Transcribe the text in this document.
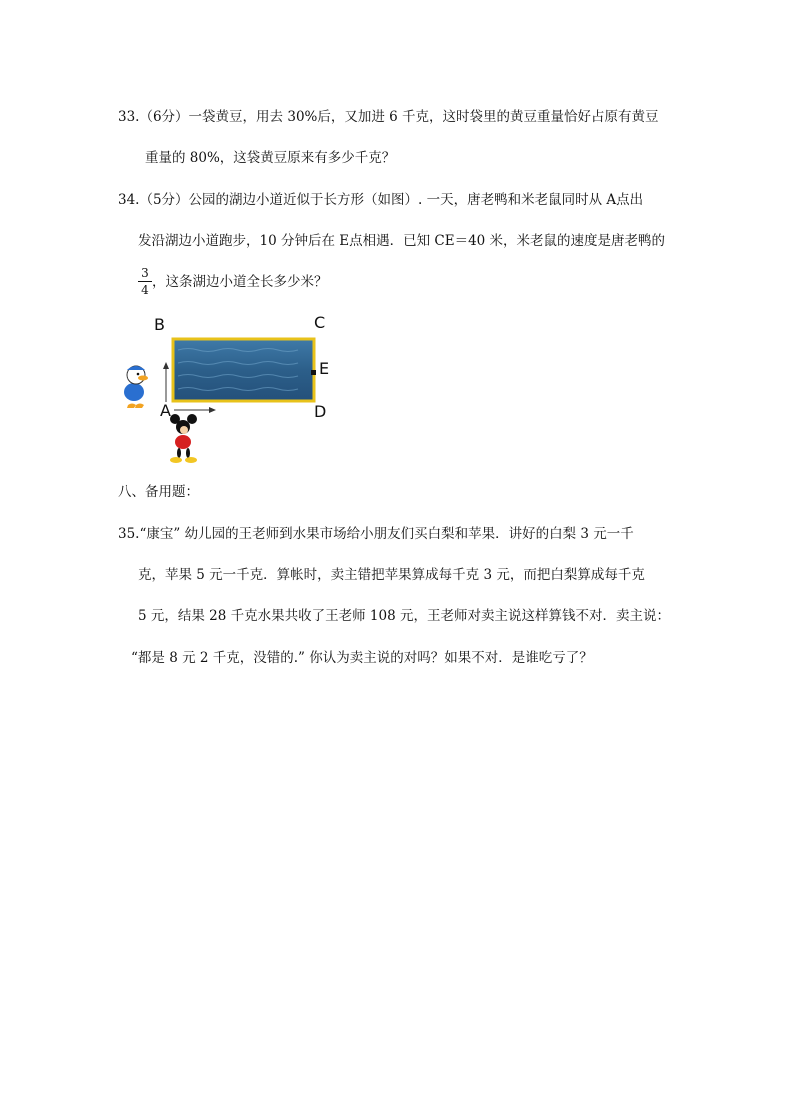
33.（6分）一袋黄豆，用去 30%后，又加进 6 千克，这时袋里的黄豆重量恰好占原有黄豆
重量的 80%，这袋黄豆原来有多少千克？
34.（5分）公园的湖边小道近似于长方形（如图）. 一天，唐老鸭和米老鼠同时从 A点出
发沿湖边小道跑步，10 分钟后在 E点相遇．已知 CE＝40 米，米老鼠的速度是唐老鸭的
3
4 ，这条湖边小道全长多少米？
B	C
E
A	D
八、备用题：
35.“康宝” 幼儿园的王老师到水果市场给小朋友们买白梨和苹果．讲好的白梨 3 元一千
克，苹果 5 元一千克．算帐时，卖主错把苹果算成每千克 3 元，而把白梨算成每千克
5 元，结果 28 千克水果共收了王老师 108 元，王老师对卖主说这样算钱不对．卖主说：
“都是 8 元 2 千克，没错的.” 你认为卖主说的对吗？如果不对．是谁吃亏了？
